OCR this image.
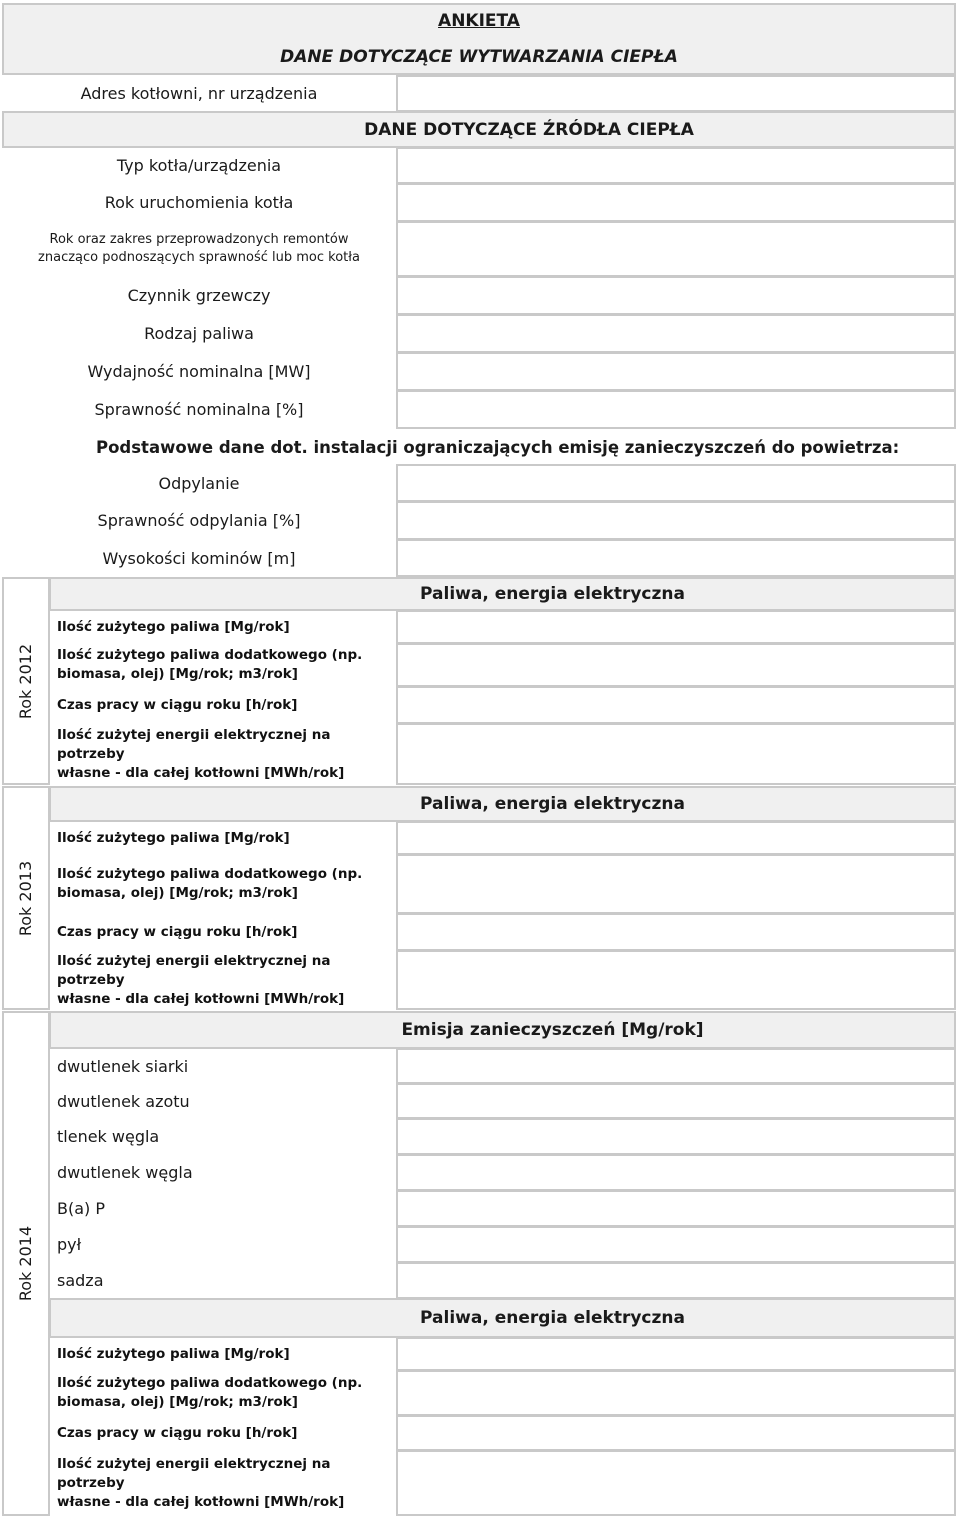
ANKIETA
DANE DOTYCZĄCE WYTWARZANIA CIEPŁA
Adres kotłowni, nr urządzenia
DANE DOTYCZĄCE ŹRÓDŁA CIEPŁA
Typ kotła/urządzenia
Rok uruchomienia kotła
Rok oraz zakres przeprowadzonych remontów znacząco podnoszących sprawność lub moc kotła
Czynnik grzewczy
Rodzaj paliwa
Wydajność nominalna [MW]
Sprawność nominalna [%]
Podstawowe dane dot. instalacji ograniczających emisję zanieczyszczeń do powietrza:
Odpylanie
Sprawność odpylania [%]
Wysokości kominów [m]
Rok 2012
Paliwa, energia elektryczna
Ilość zużytego paliwa [Mg/rok]
Ilość zużytego paliwa dodatkowego (np.
biomasa, olej) [Mg/rok; m3/rok]
Czas pracy w ciągu roku [h/rok]
Ilość zużytej energii elektrycznej na potrzeby
własne - dla całej kotłowni [MWh/rok]
Rok 2013
Paliwa, energia elektryczna
Ilość zużytego paliwa [Mg/rok]
Ilość zużytego paliwa dodatkowego (np.
biomasa, olej) [Mg/rok; m3/rok]
Czas pracy w ciągu roku [h/rok]
Ilość zużytej energii elektrycznej na potrzeby
własne - dla całej kotłowni [MWh/rok]
Rok 2014
Emisja zanieczyszczeń [Mg/rok]
dwutlenek siarki
dwutlenek azotu
tlenek węgla
dwutlenek węgla
B(a) P
pył
sadza
Paliwa, energia elektryczna
Ilość zużytego paliwa [Mg/rok]
Ilość zużytego paliwa dodatkowego (np.
biomasa, olej) [Mg/rok; m3/rok]
Czas pracy w ciągu roku [h/rok]
Ilość zużytej energii elektrycznej na potrzeby
własne - dla całej kotłowni [MWh/rok]
